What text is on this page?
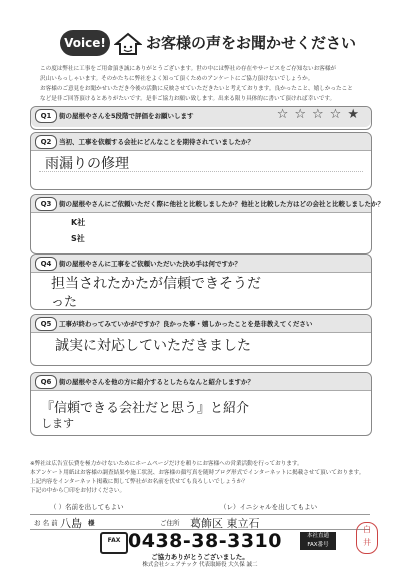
Voice!	お客様の声をお聞かせください

この度は弊社に工事をご用命頂き誠にありがとうございます。世の中には弊社の存在やサービスをご存知ないお客様が

沢山いらっしゃいます。そのかたちに弊社をよく知って頂くためのアンケートにご協力頂けないでしょうか。

お客様のご意見をお聞かせいただき今後の活動に反映させていただきたいと考えております。良かったこと、嬉しかったこと

など是非ご回答頂けるとありがたいです。是非ご協力お願い致します。出来る限り具体的に書いて頂ければ幸いです。

Q1	街の屋根やさんを5段階で評価をお願いします	☆☆☆☆★
Q2	当初、工事を依頼する会社にどんなことを期待されていましたか？
雨漏りの修理
Q3	街の屋根やさんにご依頼いただく際に他社と比較しましたか？他社と比較した方はどの会社と比較しましたか？
K社
S社
Q4	街の屋根やさんに工事をご依頼いただいた決め手は何ですか？
担当されたかたが信頼できそうだ
った
Q5	工事が終わってみていかがですか？良かった事・嬉しかったことを是非教えてください
誠実に対応していただきました
Q6	街の屋根やさんを他の方に紹介するとしたらなんと紹介しますか？
『信頼できる会社だと思う』と紹介
します

※弊社は広告宣伝費を極力かけないためにホームページだけを頼りにお客様への営業活動を行っております。

本アンケート用紙はお客様の調査結果や施工状況、お客様の顔写真を随時ブログ形式でインターネットに掲載させて頂いております。

上記内容をインターネット掲載に関して弊社がお名前を伏せても良ろしいでしょうか？

下記の中から〇印をお付けください。

（ ）名前を出してもよい	（レ）イニシャルを出してもよい
お 名 前 八島 様	ご住所 葛飾区 東立石
FAX 0438-38-3310	本社直通
FAX番号
白
井
ご協力ありがとうございました。
株式会社シェアテック 代表取締役 大久保 誠二
